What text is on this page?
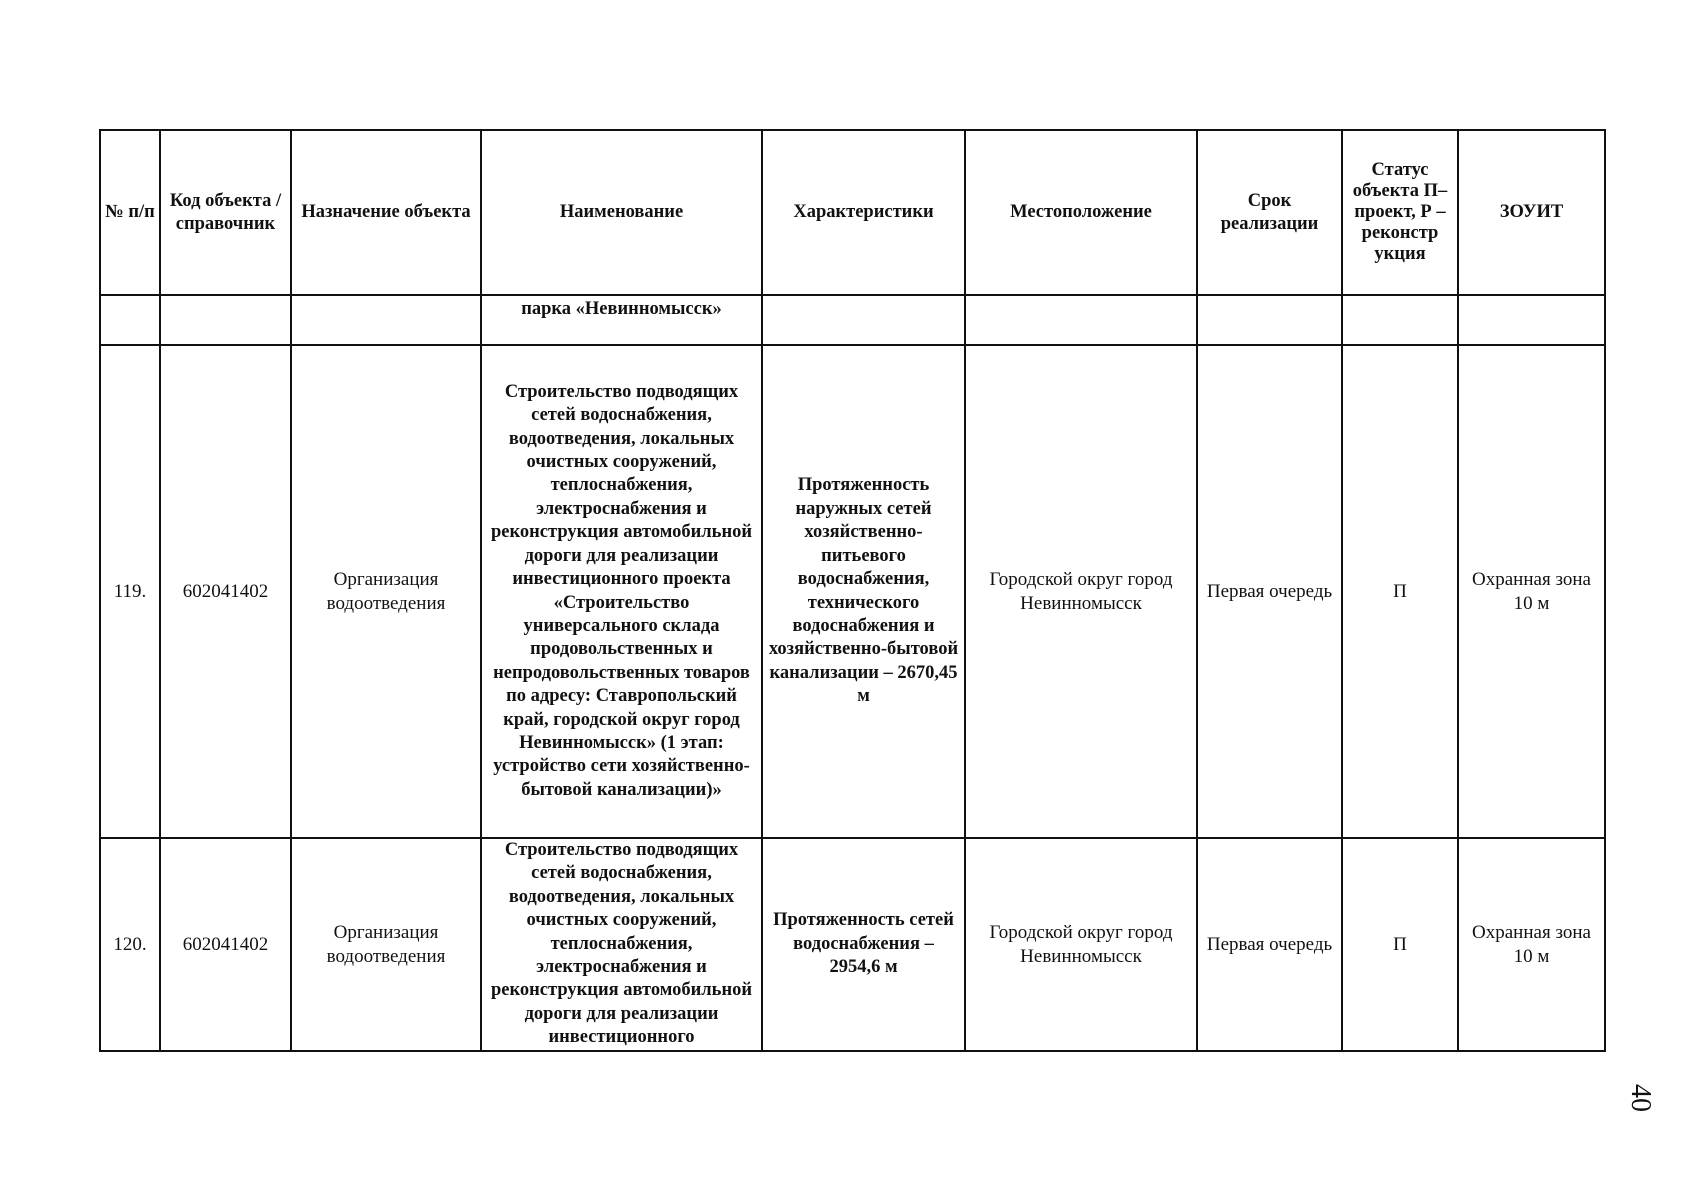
№ п/п	Код объекта / справочник	Назначение объекта	Наименование	Характеристики	Местоположение	Срок реализации	Статус объекта П– проект, Р – реконстр укция	ЗОУИТ
			парка «Невинномысск»					
119.	602041402	Организация водоотведения	Строительство подводящих сетей водоснабжения, водоотведения, локальных очистных сооружений, теплоснабжения, электроснабжения и реконструкция автомобильной дороги для реализации инвестиционного проекта «Строительство универсального склада продовольственных и непродовольственных товаров по адресу: Ставропольский край, городской округ город Невинномысск» (1 этап: устройство сети хозяйственно-бытовой канализации)»	Протяженность наружных сетей хозяйственно-питьевого водоснабжения, технического водоснабжения и хозяйственно-бытовой канализации – 2670,45 м	Городской округ город Невинномысск	Первая очередь	П	Охранная зона 10 м
120.	602041402	Организация водоотведения	Строительство подводящих сетей водоснабжения, водоотведения, локальных очистных сооружений, теплоснабжения, электроснабжения и реконструкция автомобильной дороги для реализации инвестиционного	Протяженность сетей водоснабжения – 2954,6 м	Городской округ город Невинномысск	Первая очередь	П	Охранная зона 10 м
40
